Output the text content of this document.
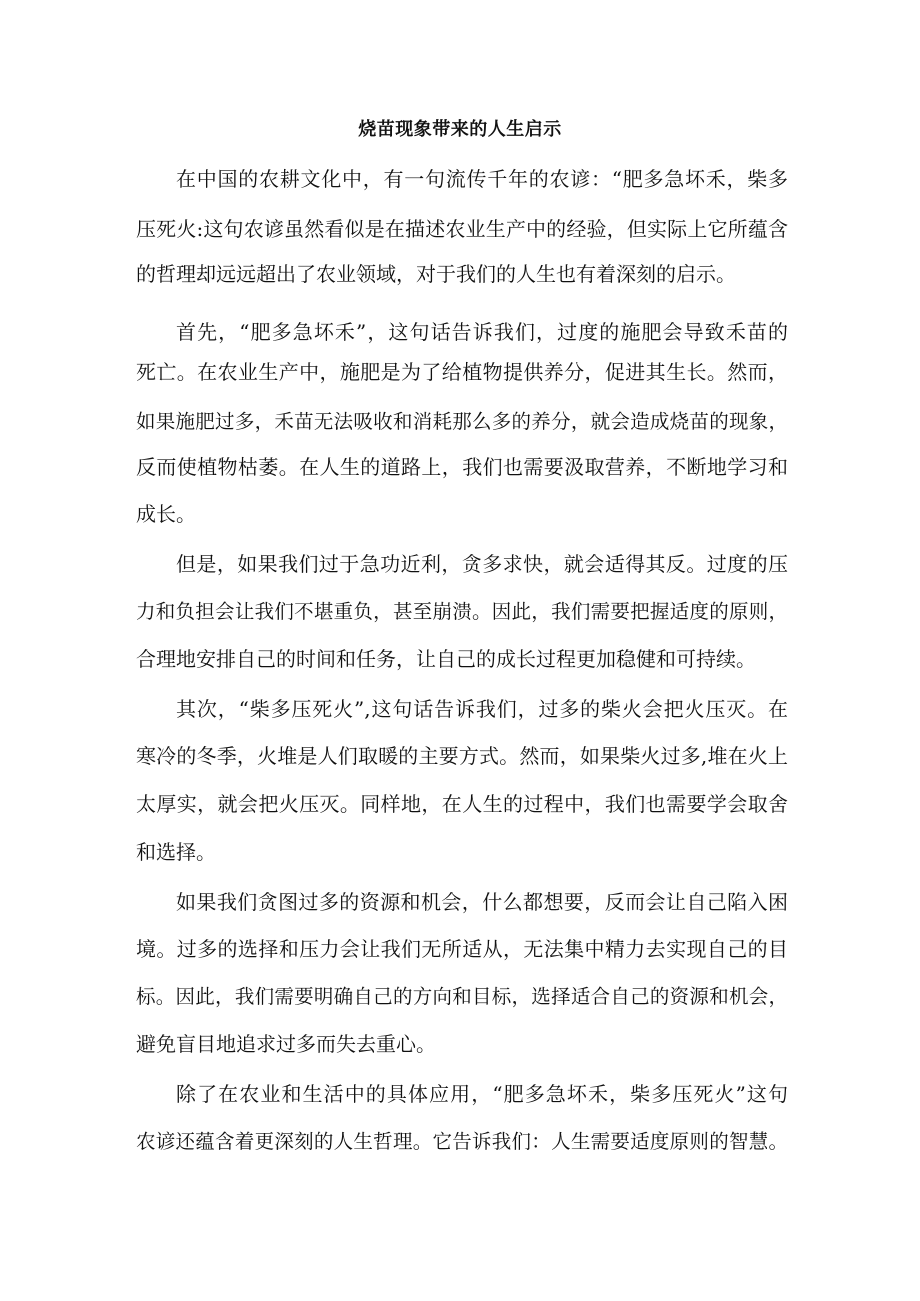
烧苗现象带来的人生启示
在中国的农耕文化中，有一句流传千年的农谚：“肥多急坏禾，柴多
压死火:这句农谚虽然看似是在描述农业生产中的经验，但实际上它所蕴含
的哲理却远远超出了农业领域，对于我们的人生也有着深刻的启示。
首先，“肥多急坏禾”，这句话告诉我们，过度的施肥会导致禾苗的
死亡。在农业生产中，施肥是为了给植物提供养分，促进其生长。然而，
如果施肥过多，禾苗无法吸收和消耗那么多的养分，就会造成烧苗的现象，
反而使植物枯萎。在人生的道路上，我们也需要汲取营养，不断地学习和
成长。
但是，如果我们过于急功近利，贪多求快，就会适得其反。过度的压
力和负担会让我们不堪重负，甚至崩溃。因此，我们需要把握适度的原则，
合理地安排自己的时间和任务，让自己的成长过程更加稳健和可持续。
其次，“柴多压死火”,这句话告诉我们，过多的柴火会把火压灭。在
寒冷的冬季，火堆是人们取暖的主要方式。然而，如果柴火过多,堆在火上
太厚实，就会把火压灭。同样地，在人生的过程中，我们也需要学会取舍
和选择。
如果我们贪图过多的资源和机会，什么都想要，反而会让自己陷入困
境。过多的选择和压力会让我们无所适从，无法集中精力去实现自己的目
标。因此，我们需要明确自己的方向和目标，选择适合自己的资源和机会，
避免盲目地追求过多而失去重心。
除了在农业和生活中的具体应用，“肥多急坏禾，柴多压死火”这句
农谚还蕴含着更深刻的人生哲理。它告诉我们：人生需要适度原则的智慧。
